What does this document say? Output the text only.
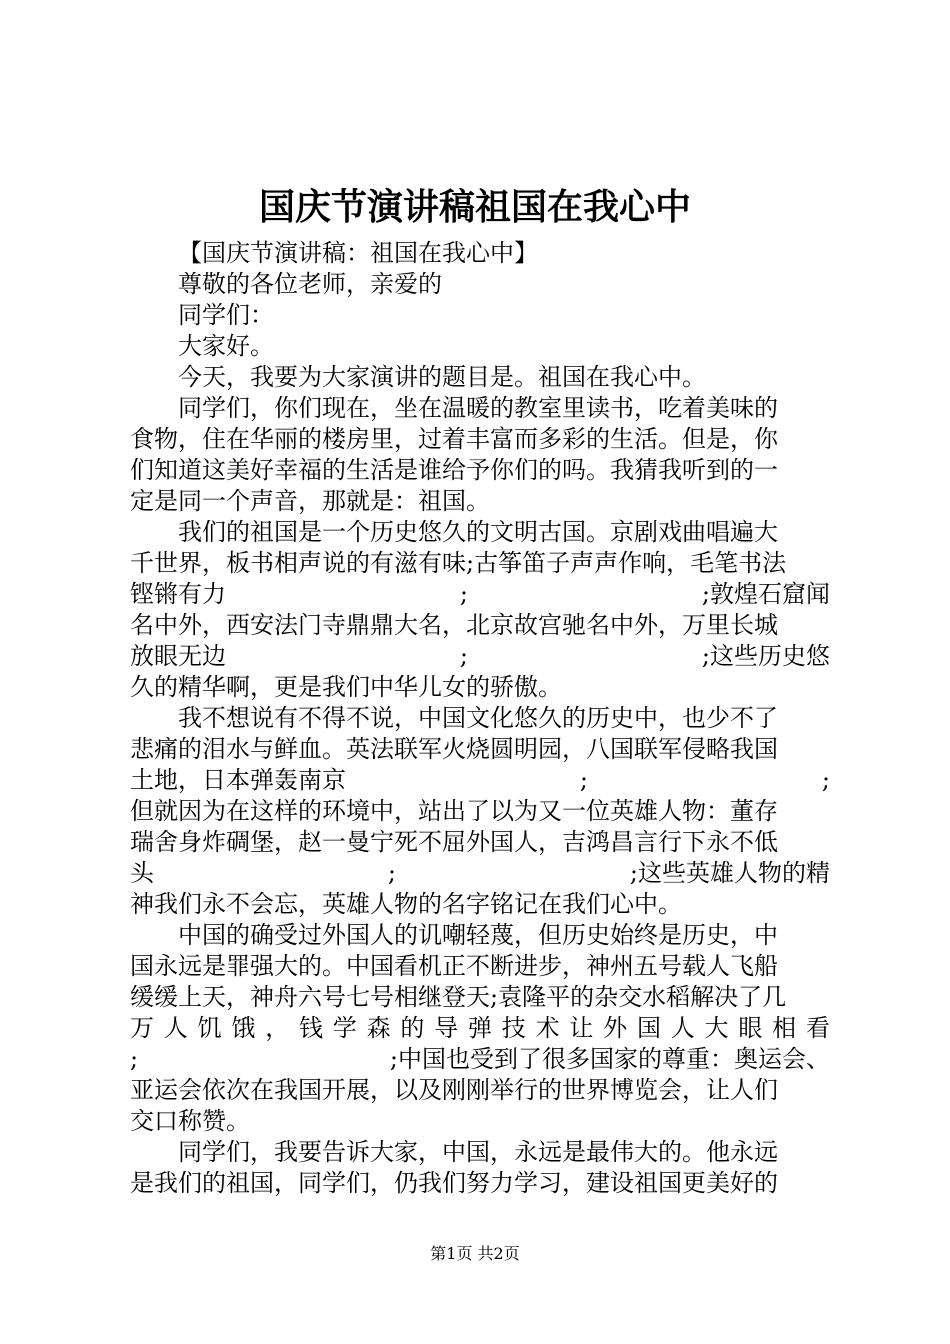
国庆节演讲稿祖国在我心中
【国庆节演讲稿：祖国在我心中】
尊敬的各位老师，亲爱的
同学们：
大家好。
今天，我要为大家演讲的题目是。祖国在我心中。
同学们，你们现在，坐在温暖的教室里读书，吃着美味的
食物，住在华丽的楼房里，过着丰富而多彩的生活。但是，你
们知道这美好幸福的生活是谁给予你们的吗。我猜我听到的一
定是同一个声音，那就是：祖国。
我们的祖国是一个历史悠久的文明古国。京剧戏曲唱遍大
千世界，板书相声说的有滋有味;古筝笛子声声作响，毛笔书法
铿锵有力	;	;敦煌石窟闻
名中外，西安法门寺鼎鼎大名，北京故宫驰名中外，万里长城
放眼无边	;	;这些历史悠
久的精华啊，更是我们中华儿女的骄傲。
我不想说有不得不说，中国文化悠久的历史中，也少不了
悲痛的泪水与鲜血。英法联军火烧圆明园，八国联军侵略我国
土地，日本弹轰南京	;	;
但就因为在这样的环境中，站出了以为又一位英雄人物：董存
瑞舍身炸碉堡，赵一曼宁死不屈外国人，吉鸿昌言行下永不低
头	;	;这些英雄人物的精
神我们永不会忘，英雄人物的名字铭记在我们心中。
中国的确受过外国人的讥嘲轻蔑，但历史始终是历史，中
国永远是罪强大的。中国看机正不断进步，神州五号载人飞船
缓缓上天，神舟六号七号相继登天;袁隆平的杂交水稻解决了几
万 人 饥 饿 ， 钱 学 森 的 导 弹 技 术 让 外 国 人 大 眼 相 看
;	;中国也受到了很多国家的尊重：奥运会、
亚运会依次在我国开展，以及刚刚举行的世界博览会，让人们
交口称赞。
同学们，我要告诉大家，中国，永远是最伟大的。他永远
是我们的祖国，同学们，仍我们努力学习，建设祖国更美好的
第1页 共2页
